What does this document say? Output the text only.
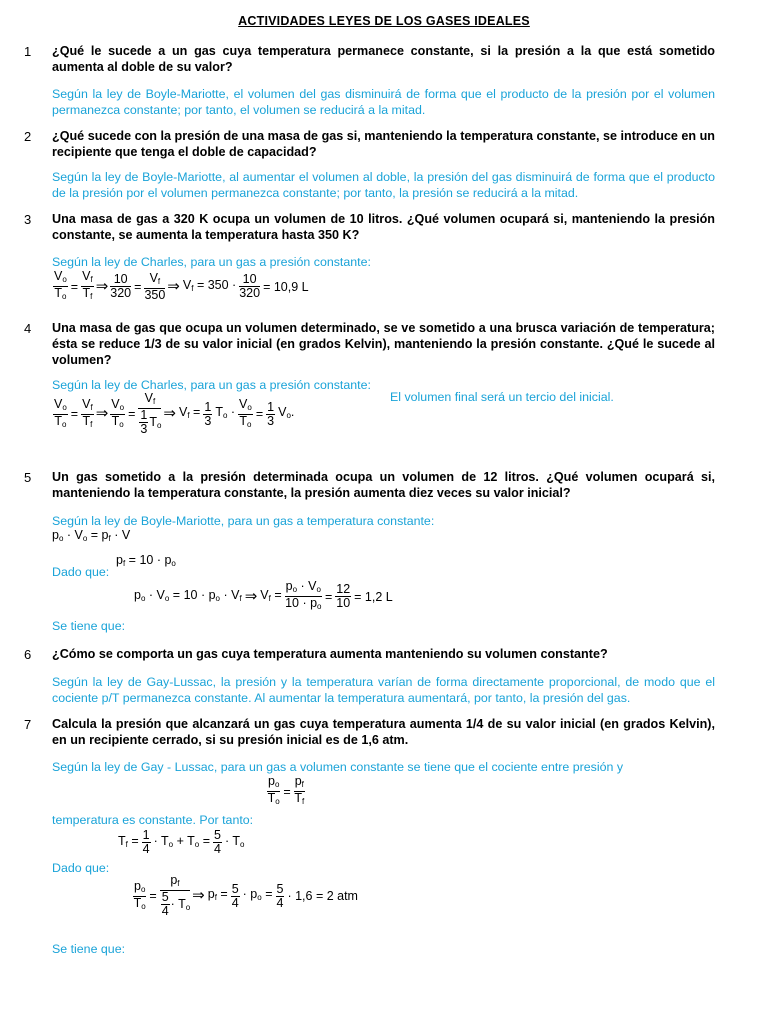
ACTIVIDADES LEYES DE LOS GASES IDEALES
1 ¿Qué le sucede a un gas cuya temperatura permanece constante, si la presión a la que está sometido aumenta al doble de su valor?
Según la ley de Boyle-Mariotte, el volumen del gas disminuirá de forma que el producto de la presión por el volumen permanezca constante; por tanto, el volumen se reducirá a la mitad.
2 ¿Qué sucede con la presión de una masa de gas si, manteniendo la temperatura constante, se introduce en un recipiente que tenga el doble de capacidad?
Según la ley de Boyle-Mariotte, al aumentar el volumen al doble, la presión del gas disminuirá de forma que el producto de la presión por el volumen permanezca constante; por tanto, la presión se reducirá a la mitad.
3 Una masa de gas a 320 K ocupa un volumen de 10 litros. ¿Qué volumen ocupará si, manteniendo la presión constante, se aumenta la temperatura hasta 350 K?
Según la ley de Charles, para un gas a presión constante:
$\frac{V_o}{T_o} = \frac{V_f}{T_f}$ ⇒ $\frac{10}{320} = \frac{V_f}{350}$ ⇒ $V_f = 350 \cdot \frac{10}{320} = 10,9$ L
4 Una masa de gas que ocupa un volumen determinado, se ve sometido a una brusca variación de temperatura; ésta se reduce 1/3 de su valor inicial (en grados Kelvin), manteniendo la presión constante. ¿Qué le sucede al volumen?
Según la ley de Charles, para un gas a presión constante:
El volumen final será un tercio del inicial.
$\frac{V_o}{T_o} = \frac{V_f}{T_f}$ ⇒ $\frac{V_o}{T_o} = \frac{V_f}{\frac{1}{3} T_o}$ ⇒ $V_f = \frac{1}{3} T_o \cdot \frac{V_o}{T_o} = \frac{1}{3} V_o$.
5 Un gas sometido a la presión determinada ocupa un volumen de 12 litros. ¿Qué volumen ocupará si, manteniendo la temperatura constante, la presión aumenta diez veces su valor inicial?
Según la ley de Boyle-Mariotte, para un gas a temperatura constante:
$p_o \cdot V_o = p_f \cdot V$
$p_f = 10 \cdot p_o$
Dado que:
$p_o \cdot V_o = 10 \cdot p_o \cdot V_f$ ⇒ $V_f = \frac{p_o \cdot V_o}{10 \cdot p_o} = \frac{12}{10} = 1,2$ L
Se tiene que:
6 ¿Cómo se comporta un gas cuya temperatura aumenta manteniendo su volumen constante?
Según la ley de Gay-Lussac, la presión y la temperatura varían de forma directamente proporcional, de modo que el cociente p/T permanezca constante. Al aumentar la temperatura aumentará, por tanto, la presión del gas.
7 Calcula la presión que alcanzará un gas cuya temperatura aumenta 1/4 de su valor inicial (en grados Kelvin), en un recipiente cerrado, si su presión inicial es de 1,6 atm.
Según la ley de Gay - Lussac, para un gas a volumen constante se tiene que el cociente entre presión y
$\frac{p_o}{T_o} = \frac{p_f}{T_f}$
temperatura es constante. Por tanto:
$T_f = \frac{1}{4} \cdot T_o + T_o = \frac{5}{4} \cdot T_o$
Dado que:
$\frac{p_o}{T_o} = \frac{p_f}{\frac{5}{4} \cdot T_o}$ ⇒ $p_f = \frac{5}{4} \cdot p_o = \frac{5}{4} \cdot 1,6 = 2$ atm
Se tiene que:
